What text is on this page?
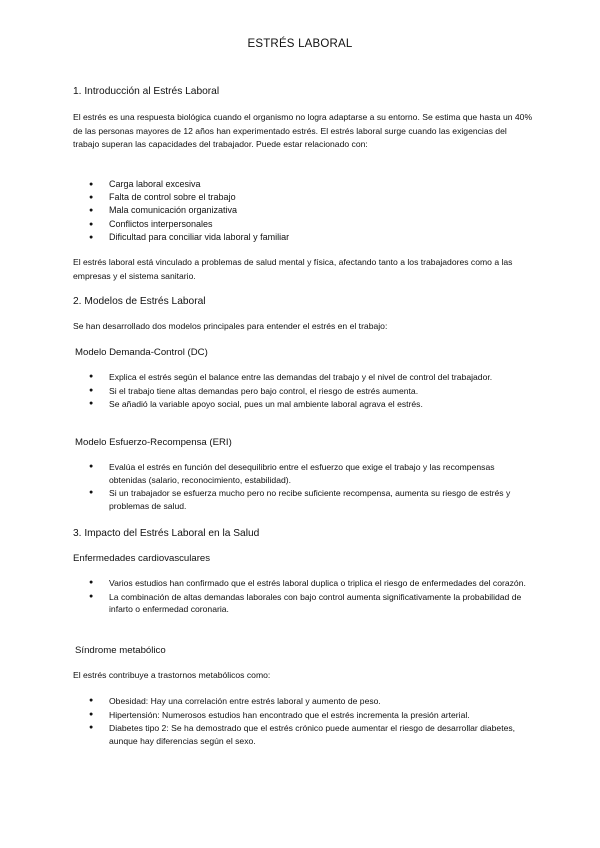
ESTRÉS LABORAL
1. Introducción al Estrés Laboral
El estrés es una respuesta biológica cuando el organismo no logra adaptarse a su entorno. Se estima que hasta un 40% de las personas mayores de 12 años han experimentado estrés. El estrés laboral surge cuando las exigencias del trabajo superan las capacidades del trabajador. Puede estar relacionado con:
● Carga laboral excesiva
● Falta de control sobre el trabajo
● Mala comunicación organizativa
● Conflictos interpersonales
● Dificultad para conciliar vida laboral y familiar
El estrés laboral está vinculado a problemas de salud mental y física, afectando tanto a los trabajadores como a las empresas y el sistema sanitario.
2. Modelos de Estrés Laboral
Se han desarrollado dos modelos principales para entender el estrés en el trabajo:
Modelo Demanda-Control (DC)
● Explica el estrés según el balance entre las demandas del trabajo y el nivel de control del trabajador.
● Si el trabajo tiene altas demandas pero bajo control, el riesgo de estrés aumenta.
● Se añadió la variable apoyo social, pues un mal ambiente laboral agrava el estrés.
Modelo Esfuerzo-Recompensa (ERI)
● Evalúa el estrés en función del desequilibrio entre el esfuerzo que exige el trabajo y las recompensas obtenidas (salario, reconocimiento, estabilidad).
● Si un trabajador se esfuerza mucho pero no recibe suficiente recompensa, aumenta su riesgo de estrés y problemas de salud.
3. Impacto del Estrés Laboral en la Salud
Enfermedades cardiovasculares
● Varios estudios han confirmado que el estrés laboral duplica o triplica el riesgo de enfermedades del corazón.
● La combinación de altas demandas laborales con bajo control aumenta significativamente la probabilidad de infarto o enfermedad coronaria.
Síndrome metabólico
El estrés contribuye a trastornos metabólicos como:
● Obesidad: Hay una correlación entre estrés laboral y aumento de peso.
● Hipertensión: Numerosos estudios han encontrado que el estrés incrementa la presión arterial.
● Diabetes tipo 2: Se ha demostrado que el estrés crónico puede aumentar el riesgo de desarrollar diabetes, aunque hay diferencias según el sexo.
